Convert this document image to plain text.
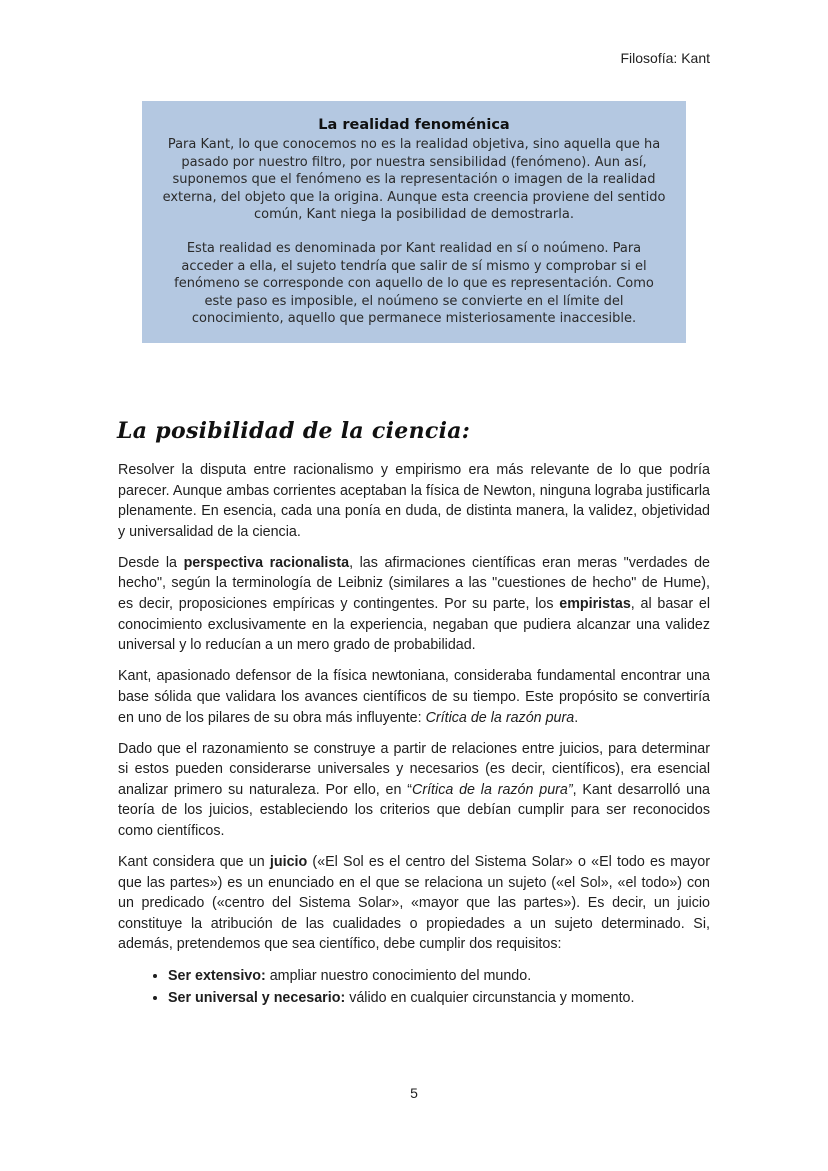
Filosofía: Kant
La realidad fenoménica

Para Kant, lo que conocemos no es la realidad objetiva, sino aquella que ha pasado por nuestro filtro, por nuestra sensibilidad (fenómeno). Aun así, suponemos que el fenómeno es la representación o imagen de la realidad externa, del objeto que la origina. Aunque esta creencia proviene del sentido común, Kant niega la posibilidad de demostrarla.

Esta realidad es denominada por Kant realidad en sí o noúmeno. Para acceder a ella, el sujeto tendría que salir de sí mismo y comprobar si el fenómeno se corresponde con aquello de lo que es representación. Como este paso es imposible, el noúmeno se convierte en el límite del conocimiento, aquello que permanece misteriosamente inaccesible.

La posibilidad de la ciencia:

Resolver la disputa entre racionalismo y empirismo era más relevante de lo que podría parecer. Aunque ambas corrientes aceptaban la física de Newton, ninguna lograba justificarla plenamente. En esencia, cada una ponía en duda, de distinta manera, la validez, objetividad y universalidad de la ciencia.

Desde la perspectiva racionalista, las afirmaciones científicas eran meras "verdades de hecho", según la terminología de Leibniz (similares a las "cuestiones de hecho" de Hume), es decir, proposiciones empíricas y contingentes. Por su parte, los empiristas, al basar el conocimiento exclusivamente en la experiencia, negaban que pudiera alcanzar una validez universal y lo reducían a un mero grado de probabilidad.

Kant, apasionado defensor de la física newtoniana, consideraba fundamental encontrar una base sólida que validara los avances científicos de su tiempo. Este propósito se convertiría en uno de los pilares de su obra más influyente: Crítica de la razón pura.

Dado que el razonamiento se construye a partir de relaciones entre juicios, para determinar si estos pueden considerarse universales y necesarios (es decir, científicos), era esencial analizar primero su naturaleza. Por ello, en “Crítica de la razón pura”, Kant desarrolló una teoría de los juicios, estableciendo los criterios que debían cumplir para ser reconocidos como científicos.

Kant considera que un juicio («El Sol es el centro del Sistema Solar» o «El todo es mayor que las partes») es un enunciado en el que se relaciona un sujeto («el Sol», «el todo») con un predicado («centro del Sistema Solar», «mayor que las partes»). Es decir, un juicio constituye la atribución de las cualidades o propiedades a un sujeto determinado. Si, además, pretendemos que sea científico, debe cumplir dos requisitos:

• Ser extensivo: ampliar nuestro conocimiento del mundo.
• Ser universal y necesario: válido en cualquier circunstancia y momento.
5
